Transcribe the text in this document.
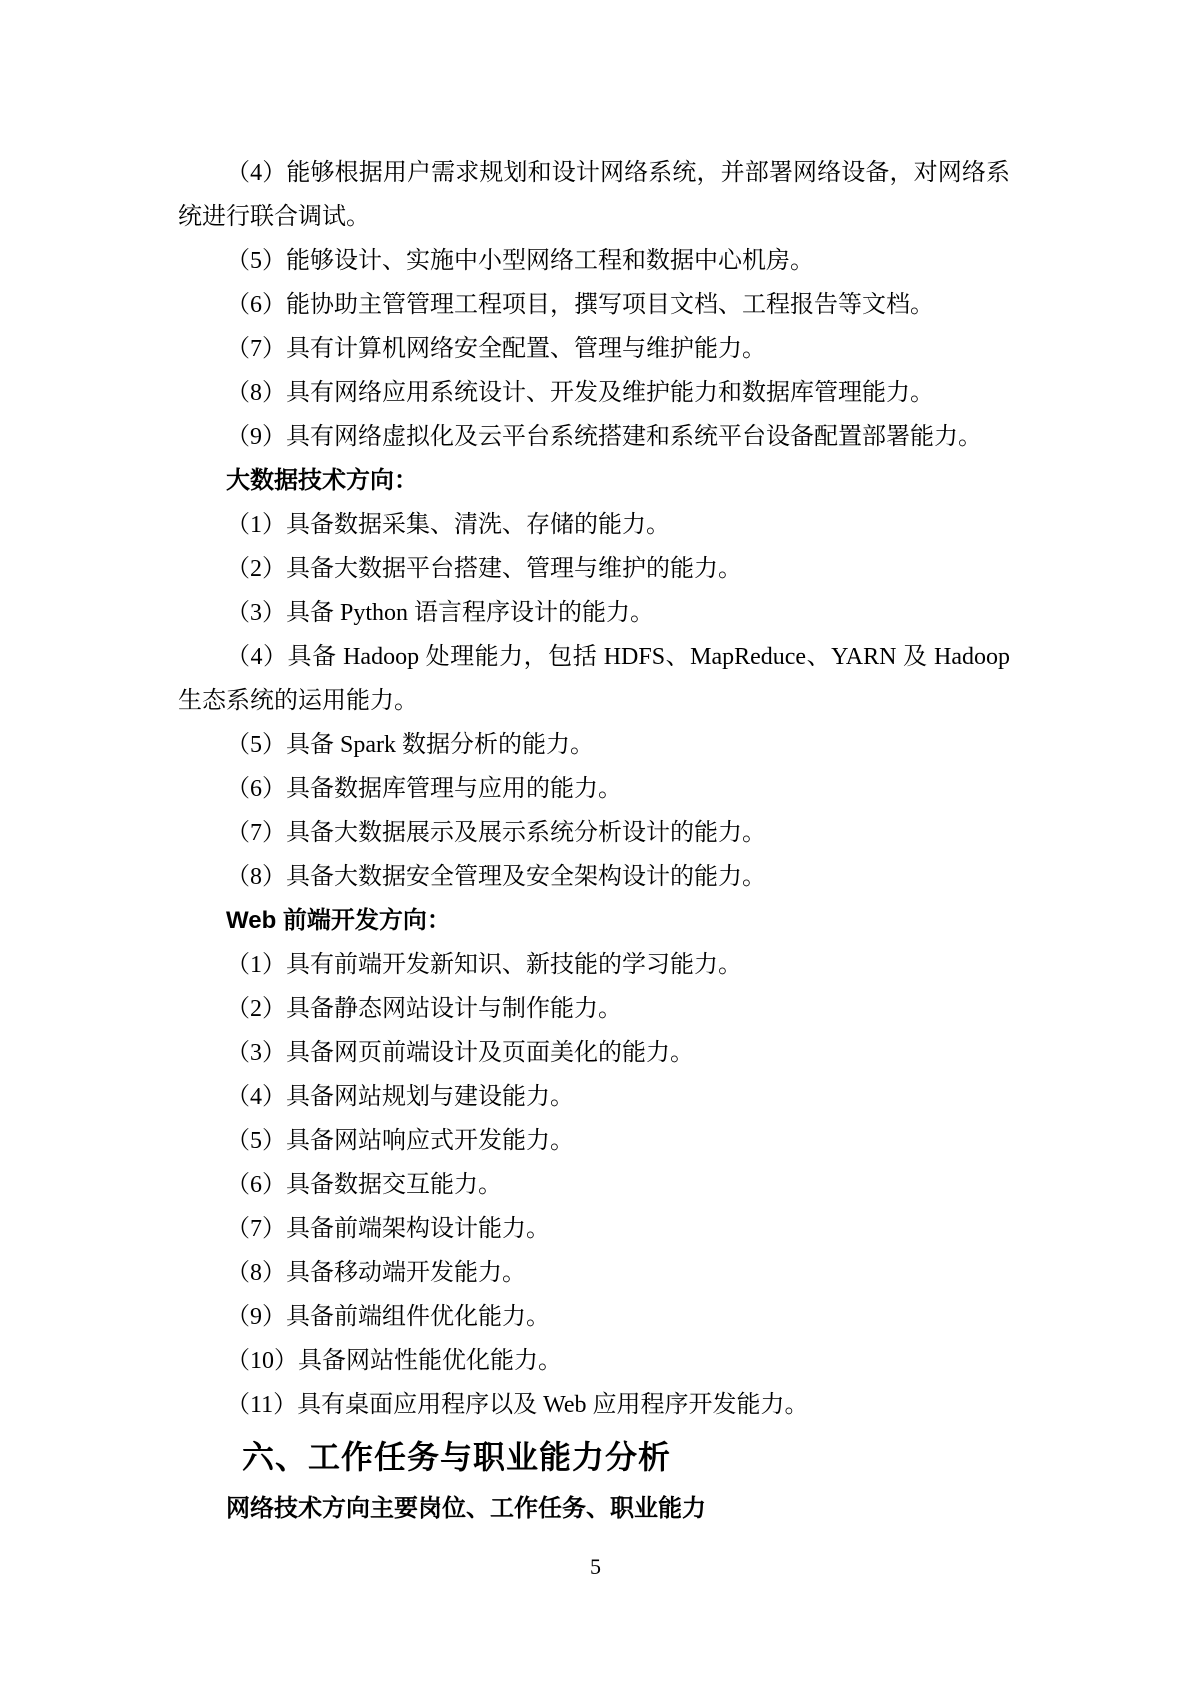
（4）能够根据用户需求规划和设计网络系统，并部署网络设备，对网络系统进行联合调试。

（5）能够设计、实施中小型网络工程和数据中心机房。

（6）能协助主管管理工程项目，撰写项目文档、工程报告等文档。

（7）具有计算机网络安全配置、管理与维护能力。

（8）具有网络应用系统设计、开发及维护能力和数据库管理能力。

（9）具有网络虚拟化及云平台系统搭建和系统平台设备配置部署能力。

大数据技术方向：

（1）具备数据采集、清洗、存储的能力。

（2）具备大数据平台搭建、管理与维护的能力。

（3）具备 Python 语言程序设计的能力。

（4）具备 Hadoop 处理能力，包括 HDFS、MapReduce、YARN 及 Hadoop 生态系统的运用能力。

（5）具备 Spark 数据分析的能力。

（6）具备数据库管理与应用的能力。

（7）具备大数据展示及展示系统分析设计的能力。

（8）具备大数据安全管理及安全架构设计的能力。

Web 前端开发方向：

（1）具有前端开发新知识、新技能的学习能力。

（2）具备静态网站设计与制作能力。

（3）具备网页前端设计及页面美化的能力。

（4）具备网站规划与建设能力。

（5）具备网站响应式开发能力。

（6）具备数据交互能力。

（7）具备前端架构设计能力。

（8）具备移动端开发能力。

（9）具备前端组件优化能力。

（10）具备网站性能优化能力。

（11）具有桌面应用程序以及 Web 应用程序开发能力。

六、工作任务与职业能力分析

网络技术方向主要岗位、工作任务、职业能力

5
